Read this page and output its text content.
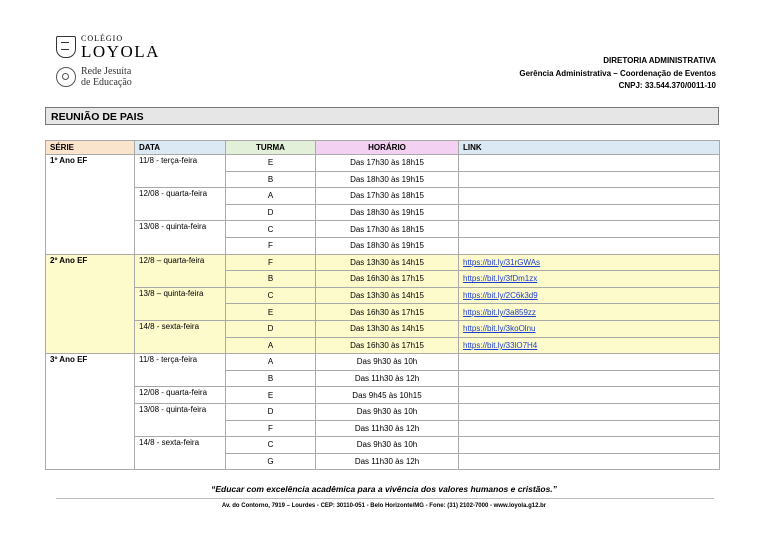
COLÉGIO
LOYOLA
Rede Jesuíta
de Educação
DIRETORIA ADMINISTRATIVA
Gerência Administrativa – Coordenação de Eventos
CNPJ: 33.544.370/0011-10
REUNIÃO DE PAIS
SÉRIE	DATA	TURMA	HORÁRIO	LINK
1º Ano EF	11/8 - terça-feira	E	Das 17h30 às 18h15	
		B	Das 18h30 às 19h15	
	12/08 - quarta-feira	A	Das 17h30 às 18h15	
		D	Das 18h30 às 19h15	
	13/08 - quinta-feira	C	Das 17h30 às 18h15	
		F	Das 18h30 às 19h15	
2º Ano EF	12/8 – quarta-feira	F	Das 13h30 às 14h15	https://bit.ly/31rGWAs
		B	Das 16h30 às 17h15	https://bit.ly/3fDm1zx
	13/8 – quinta-feira	C	Das 13h30 às 14h15	https://bit.ly/2C6k3d9
		E	Das 16h30 às 17h15	https://bit.ly/3a859zz
	14/8 - sexta-feira	D	Das 13h30 às 14h15	https://bit.ly/3koOlnu
		A	Das 16h30 às 17h15	https://bit.ly/33lO7H4
3º Ano EF	11/8 - terça-feira	A	Das 9h30 às 10h	
		B	Das 11h30 às 12h	
	12/08 - quarta-feira	E	Das 9h45 às 10h15	
	13/08 - quinta-feira	D	Das 9h30 às 10h	
		F	Das 11h30 às 12h	
	14/8 - sexta-feira	C	Das 9h30 às 10h	
		G	Das 11h30 às 12h	
“Educar com excelência acadêmica para a vivência dos valores humanos e cristãos.”
Av. do Contorno, 7919 – Lourdes - CEP: 30110-051 - Belo Horizonte/MG - Fone: (31) 2102-7000 - www.loyola.g12.br
